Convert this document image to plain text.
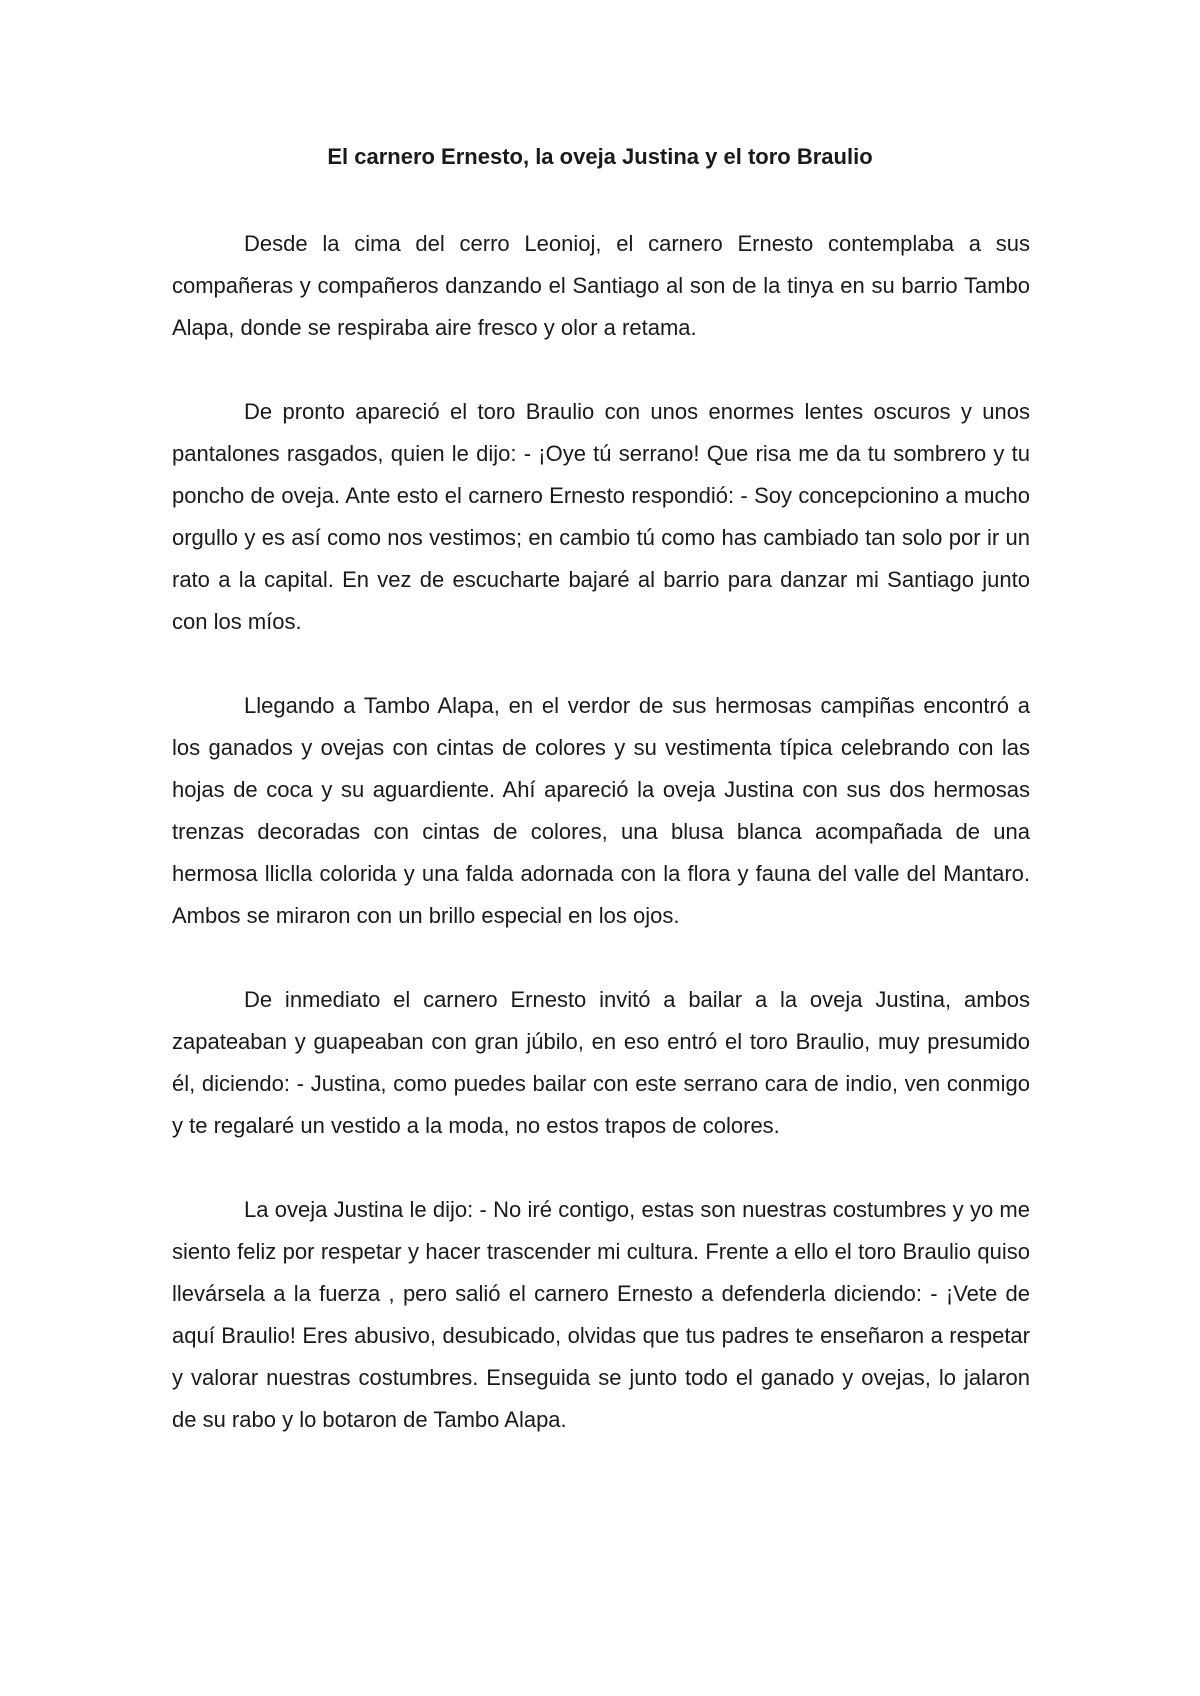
El carnero Ernesto, la oveja Justina y el toro Braulio

Desde la cima del cerro Leonioj, el carnero Ernesto contemplaba a sus compañeras y compañeros danzando el Santiago al son de la tinya en su barrio Tambo Alapa, donde se respiraba aire fresco y olor a retama.

De pronto apareció el toro Braulio con unos enormes lentes oscuros y unos pantalones rasgados, quien le dijo: - ¡Oye tú serrano! Que risa me da tu sombrero y tu poncho de oveja. Ante esto el carnero Ernesto respondió: - Soy concepcionino a mucho orgullo y es así como nos vestimos; en cambio tú como has cambiado tan solo por ir un rato a la capital. En vez de escucharte bajaré al barrio para danzar mi Santiago junto con los míos.

Llegando a Tambo Alapa, en el verdor de sus hermosas campiñas encontró a los ganados y ovejas con cintas de colores y su vestimenta típica celebrando con las hojas de coca y su aguardiente. Ahí apareció la oveja Justina con sus dos hermosas trenzas decoradas con cintas de colores, una blusa blanca acompañada de una hermosa lliclla colorida y una falda adornada con la flora y fauna del valle del Mantaro. Ambos se miraron con un brillo especial en los ojos.

De inmediato el carnero Ernesto invitó a bailar a la oveja Justina, ambos zapateaban y guapeaban con gran júbilo, en eso entró el toro Braulio, muy presumido él, diciendo: - Justina, como puedes bailar con este serrano cara de indio, ven conmigo y te regalaré un vestido a la moda, no estos trapos de colores.

La oveja Justina le dijo: - No iré contigo, estas son nuestras costumbres y yo me siento feliz por respetar y hacer trascender mi cultura. Frente a ello el toro Braulio quiso llevársela a la fuerza , pero salió el carnero Ernesto a defenderla diciendo: - ¡Vete de aquí Braulio! Eres abusivo, desubicado, olvidas que tus padres te enseñaron a respetar y valorar nuestras costumbres. Enseguida se junto todo el ganado y ovejas, lo jalaron de su rabo y lo botaron de Tambo Alapa.
